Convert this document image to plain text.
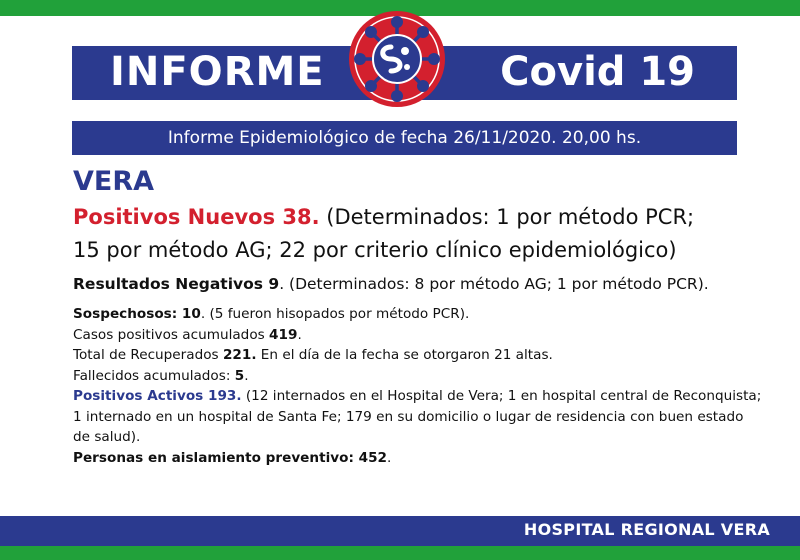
INFORME	Covid 19
Informe Epidemiológico de fecha 26/11/2020. 20,00 hs.
VERA
Positivos Nuevos 38. (Determinados: 1 por método PCR;
15 por método AG; 22 por criterio clínico epidemiológico)
Resultados Negativos 9. (Determinados: 8 por método AG; 1 por método PCR).

Sospechosos: 10. (5 fueron hisopados por método PCR).

Casos positivos acumulados 419.

Total de Recuperados 221. En el día de la fecha se otorgaron 21 altas.

Fallecidos acumulados: 5.

Positivos Activos 193. (12 internados en el Hospital de Vera; 1 en hospital central de Reconquista; 1 internado en un hospital de Santa Fe; 179 en su domicilio o lugar de residencia con buen estado de salud).

Personas en aislamiento preventivo: 452.

HOSPITAL REGIONAL VERA
